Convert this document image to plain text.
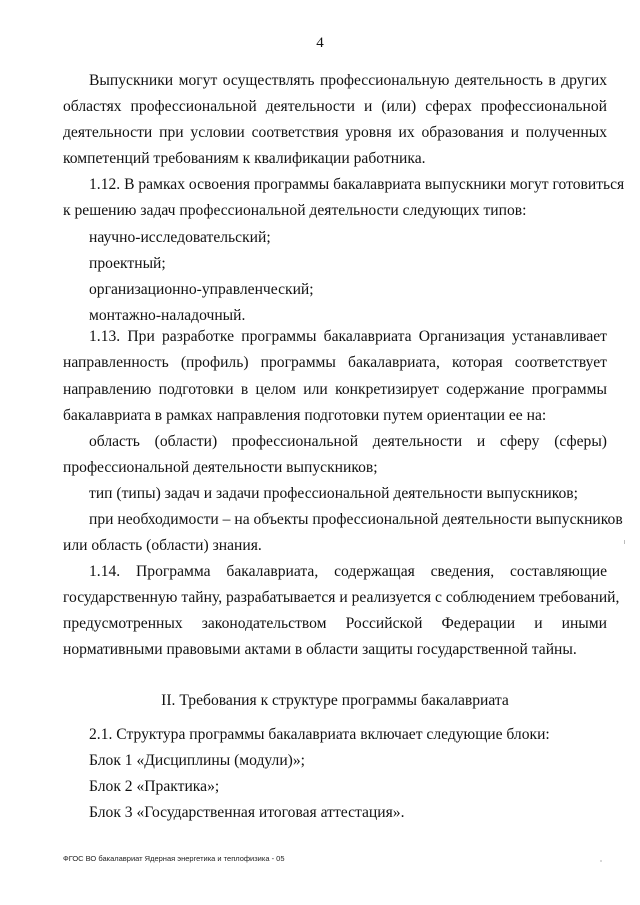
4
Выпускники могут осуществлять профессиональную деятельность в других
областях профессиональной деятельности и (или) сферах профессиональной
деятельности при условии соответствия уровня их образования и полученных
компетенций требованиям к квалификации работника.
1.12. В рамках освоения программы бакалавриата выпускники могут готовиться
к решению задач профессиональной деятельности следующих типов:
научно-исследовательский;
проектный;
организационно-управленческий;
монтажно-наладочный.
1.13. При разработке программы бакалавриата Организация устанавливает
направленность (профиль) программы бакалавриата, которая соответствует
направлению подготовки в целом или конкретизирует содержание программы
бакалавриата в рамках направления подготовки путем ориентации ее на:
область (области) профессиональной деятельности и сферу (сферы)
профессиональной деятельности выпускников;
тип (типы) задач и задачи профессиональной деятельности выпускников;
при необходимости – на объекты профессиональной деятельности выпускников
или область (области) знания.
1.14. Программа бакалавриата, содержащая сведения, составляющие
государственную тайну, разрабатывается и реализуется с соблюдением требований,
предусмотренных законодательством Российской Федерации и иными
нормативными правовыми актами в области защиты государственной тайны.
II. Требования к структуре программы бакалавриата
2.1. Структура программы бакалавриата включает следующие блоки:
Блок 1 «Дисциплины (модули)»;
Блок 2 «Практика»;
Блок 3 «Государственная итоговая аттестация».
ФГОС ВО бакалавриат Ядерная энергетика и теплофизика - 05
